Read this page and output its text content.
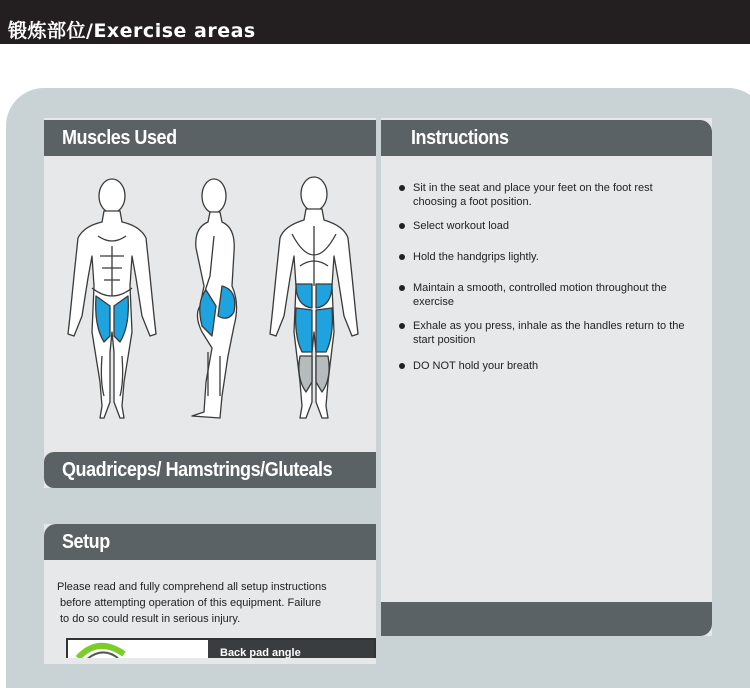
锻炼部位/Exercise areas
Muscles Used
Quadriceps/ Hamstrings/Gluteals
Instructions
Sit in the seat and place your feet on the foot rest choosing a foot position.
Select workout load
Hold the handgrips lightly.
Maintain a smooth, controlled motion throughout the exercise
Exhale as you press, inhale as the handles return to the start position
DO NOT hold your breath
Setup
Please read and fully comprehend all setup instructions
before attempting operation of this equipment. Failure
to do so could result in serious injury.
Back pad angle
